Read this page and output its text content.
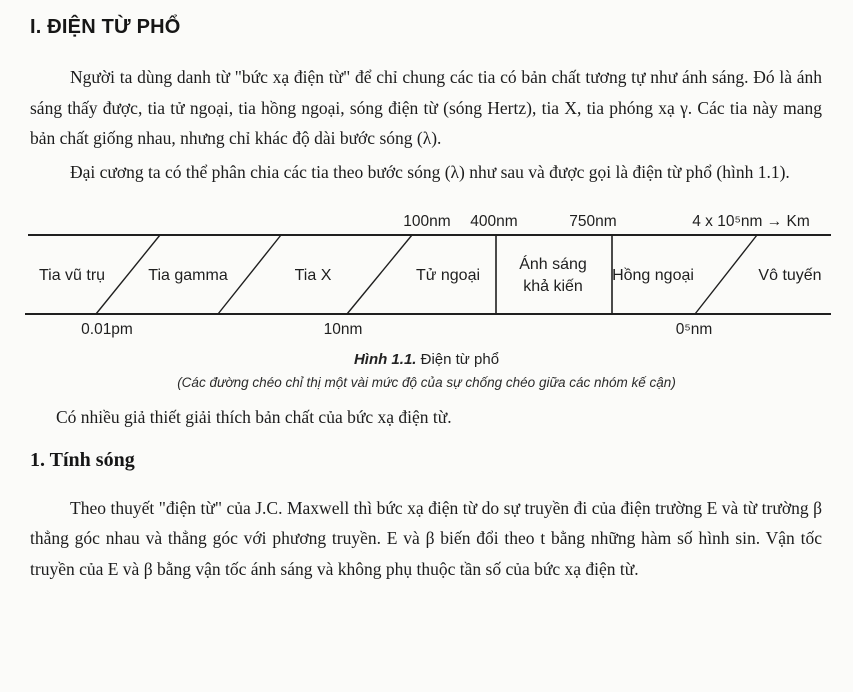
I. ĐIỆN TỪ PHỔ

Người ta dùng danh từ "bức xạ điện từ" để chỉ chung các tia có bản chất tương tự như ánh sáng. Đó là ánh sáng thấy được, tia tử ngoại, tia hồng ngoại, sóng điện từ (sóng Hertz), tia X, tia phóng xạ γ. Các tia này mang bản chất giống nhau, nhưng chỉ khác độ dài bước sóng (λ).

Đại cương ta có thể phân chia các tia theo bước sóng (λ) như sau và được gọi là điện từ phổ (hình 1.1).

100nm 400nm	750nm	4 x 10⁵nm → Km
Tia vũ trụ	Tia gamma	Tia X	Tử ngoại
Ánh sáng
khả kiến
Hồng ngoại	Vô tuyến
0.01pm	10nm	0⁵nm
Hình 1.1. Điện từ phổ
(Các đường chéo chỉ thị một vài mức độ của sự chống chéo giữa các nhóm kế cận)

Có nhiều giả thiết giải thích bản chất của bức xạ điện từ.

1. Tính sóng

Theo thuyết "điện từ" của J.C. Maxwell thì bức xạ điện từ do sự truyền đi của điện trường E và từ trường β thẳng góc nhau và thẳng góc với phương truyền. E và β biến đổi theo t bằng những hàm số hình sin. Vận tốc truyền của E và β bằng vận tốc ánh sáng và không phụ thuộc tần số của bức xạ điện từ.
